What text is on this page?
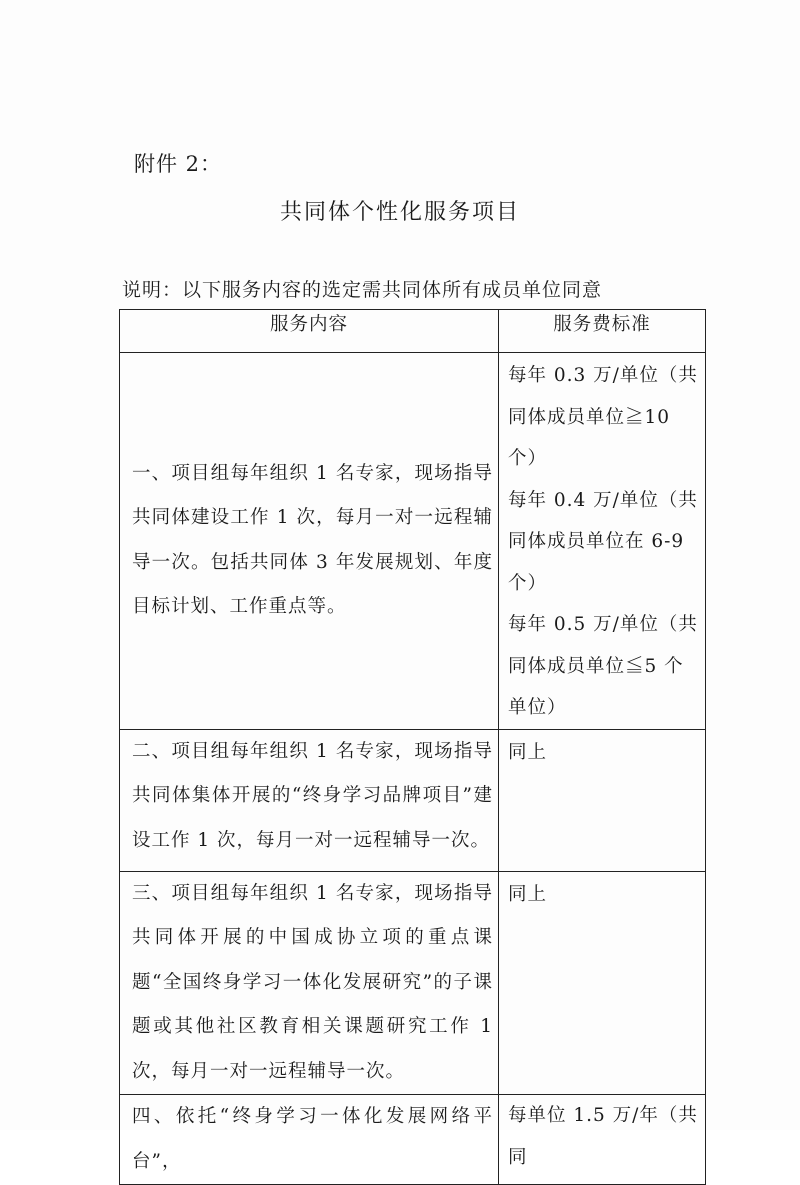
附件 2：
共同体个性化服务项目
说明：以下服务内容的选定需共同体所有成员单位同意
服务内容	服务费标准
一、项目组每年组织 1 名专家，现场指导共同体建设工作 1 次，每月一对一远程辅导一次。包括共同体 3 年发展规划、年度目标计划、工作重点等。	每年 0.3 万/单位（共同体成员单位≧10 个）
每年 0.4 万/单位（共同体成员单位在 6-9 个）
每年 0.5 万/单位（共同体成员单位≦5 个单位）

二、项目组每年组织 1 名专家，现场指导共同体集体开展的“终身学习品牌项目”建设工作 1 次，每月一对一远程辅导一次。	同上
三、项目组每年组织 1 名专家，现场指导共同体开展的中国成协立项的重点课题“全国终身学习一体化发展研究”的子课题或其他社区教育相关课题研究工作 1 次，每月一对一远程辅导一次。	同上
四、依托“终身学习一体化发展网络平台”，	每单位 1.5 万/年（共同
